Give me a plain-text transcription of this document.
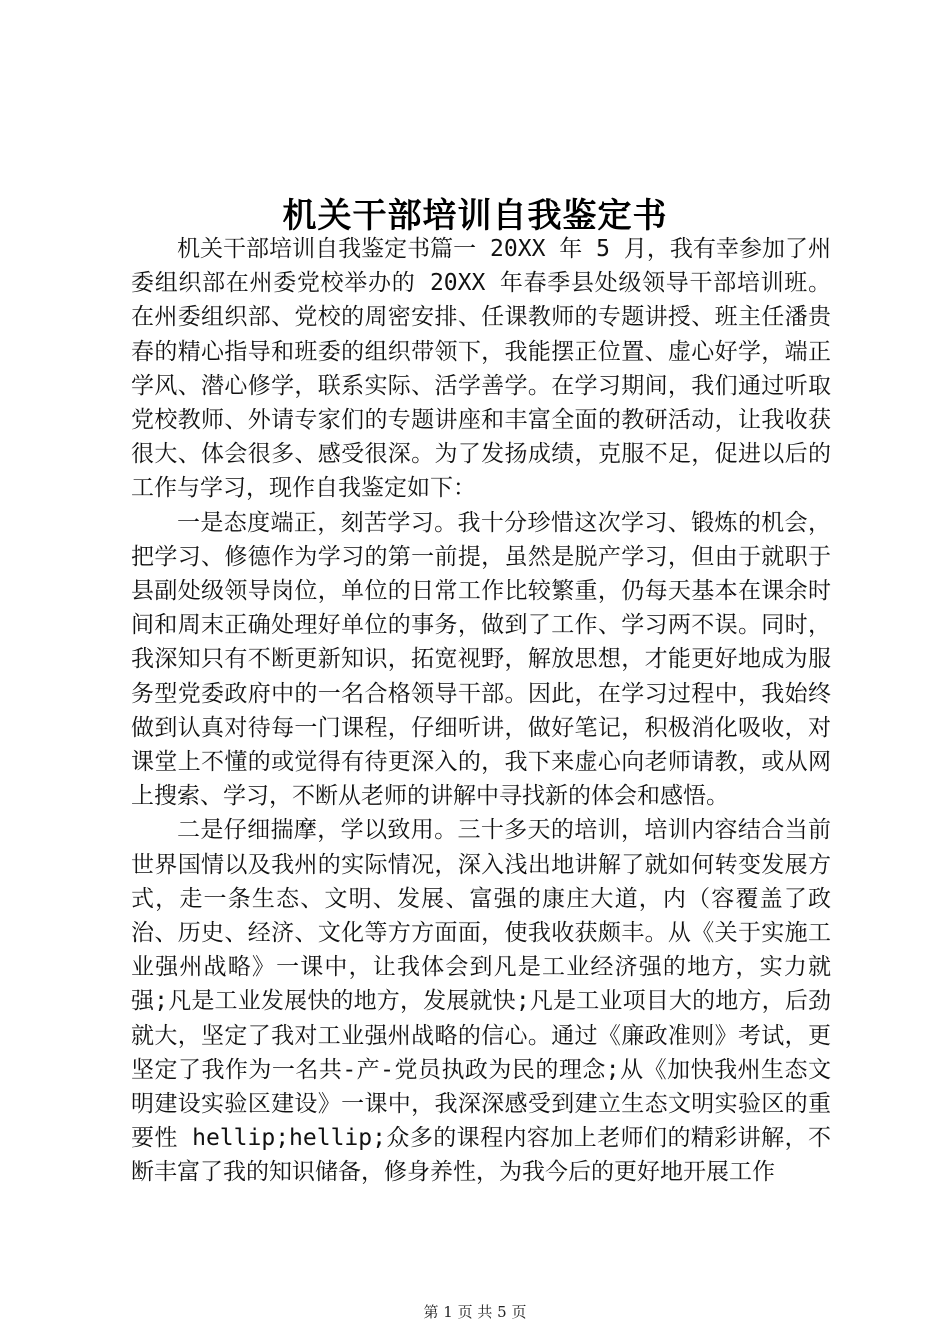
机关干部培训自我鉴定书

机关干部培训自我鉴定书篇一 20XX 年 5 月，我有幸参加了州委组织部在州委党校举办的 20XX 年春季县处级领导干部培训班。在州委组织部、党校的周密安排、任课教师的专题讲授、班主任潘贵春的精心指导和班委的组织带领下，我能摆正位置、虚心好学，端正学风、潜心修学，联系实际、活学善学。在学习期间，我们通过听取党校教师、外请专家们的专题讲座和丰富全面的教研活动，让我收获很大、体会很多、感受很深。为了发扬成绩，克服不足，促进以后的工作与学习，现作自我鉴定如下：

一是态度端正，刻苦学习。我十分珍惜这次学习、锻炼的机会，把学习、修德作为学习的第一前提，虽然是脱产学习，但由于就职于县副处级领导岗位，单位的日常工作比较繁重，仍每天基本在课余时间和周末正确处理好单位的事务，做到了工作、学习两不误。同时，我深知只有不断更新知识，拓宽视野，解放思想，才能更好地成为服务型党委政府中的一名合格领导干部。因此，在学习过程中，我始终做到认真对待每一门课程，仔细听讲，做好笔记，积极消化吸收，对课堂上不懂的或觉得有待更深入的，我下来虚心向老师请教，或从网上搜索、学习，不断从老师的讲解中寻找新的体会和感悟。

二是仔细揣摩，学以致用。三十多天的培训，培训内容结合当前世界国情以及我州的实际情况，深入浅出地讲解了就如何转变发展方式，走一条生态、文明、发展、富强的康庄大道，内（容覆盖了政治、历史、经济、文化等方方面面，使我收获颇丰。从《关于实施工业强州战略》一课中，让我体会到凡是工业经济强的地方，实力就强;凡是工业发展快的地方，发展就快;凡是工业项目大的地方，后劲就大，坚定了我对工业强州战略的信心。通过《廉政准则》考试，更坚定了我作为一名共-产-党员执政为民的理念;从《加快我州生态文明建设实验区建设》一课中，我深深感受到建立生态文明实验区的重要性 hellip;hellip;众多的课程内容加上老师们的精彩讲解，不断丰富了我的知识储备，修身养性，为我今后的更好地开展工作

第 1 页 共 5 页
